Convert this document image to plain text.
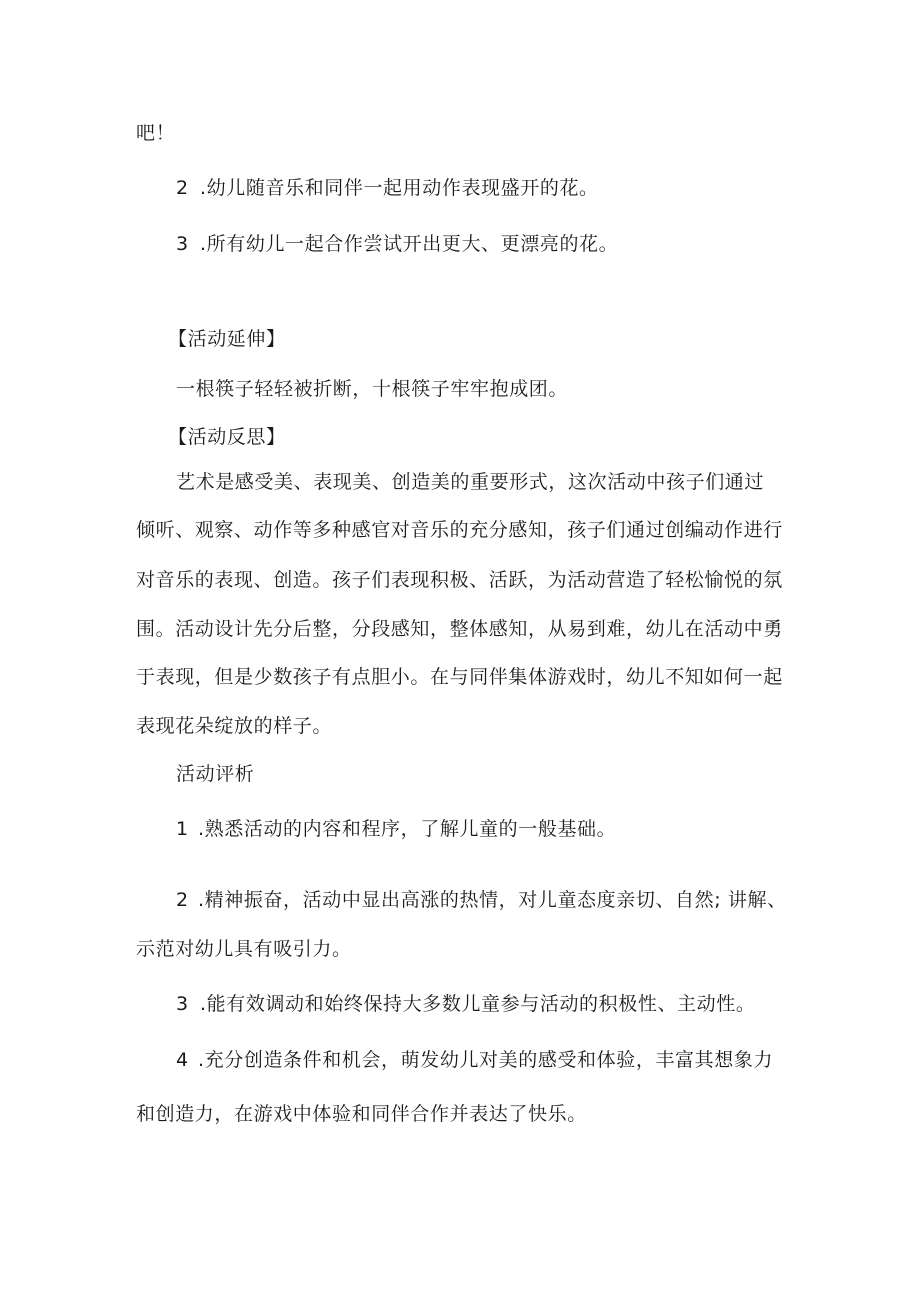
吧！
2 .幼儿随音乐和同伴一起用动作表现盛开的花。
3 .所有幼儿一起合作尝试开出更大、更漂亮的花。
【活动延伸】
一根筷子轻轻被折断，十根筷子牢牢抱成团。
【活动反思】
艺术是感受美、表现美、创造美的重要形式，这次活动中孩子们通过
倾听、观察、动作等多种感官对音乐的充分感知，孩子们通过创编动作进行
对音乐的表现、创造。孩子们表现积极、活跃，为活动营造了轻松愉悦的氛
围。活动设计先分后整，分段感知，整体感知，从易到难，幼儿在活动中勇
于表现，但是少数孩子有点胆小。在与同伴集体游戏时，幼儿不知如何一起
表现花朵绽放的样子。
活动评析
1 .熟悉活动的内容和程序，了解儿童的一般基础。
2 .精神振奋，活动中显出高涨的热情，对儿童态度亲切、自然; 讲解、
示范对幼儿具有吸引力。
3 .能有效调动和始终保持大多数儿童参与活动的积极性、主动性。
4 .充分创造条件和机会，萌发幼儿对美的感受和体验，丰富其想象力
和创造力，在游戏中体验和同伴合作并表达了快乐。
